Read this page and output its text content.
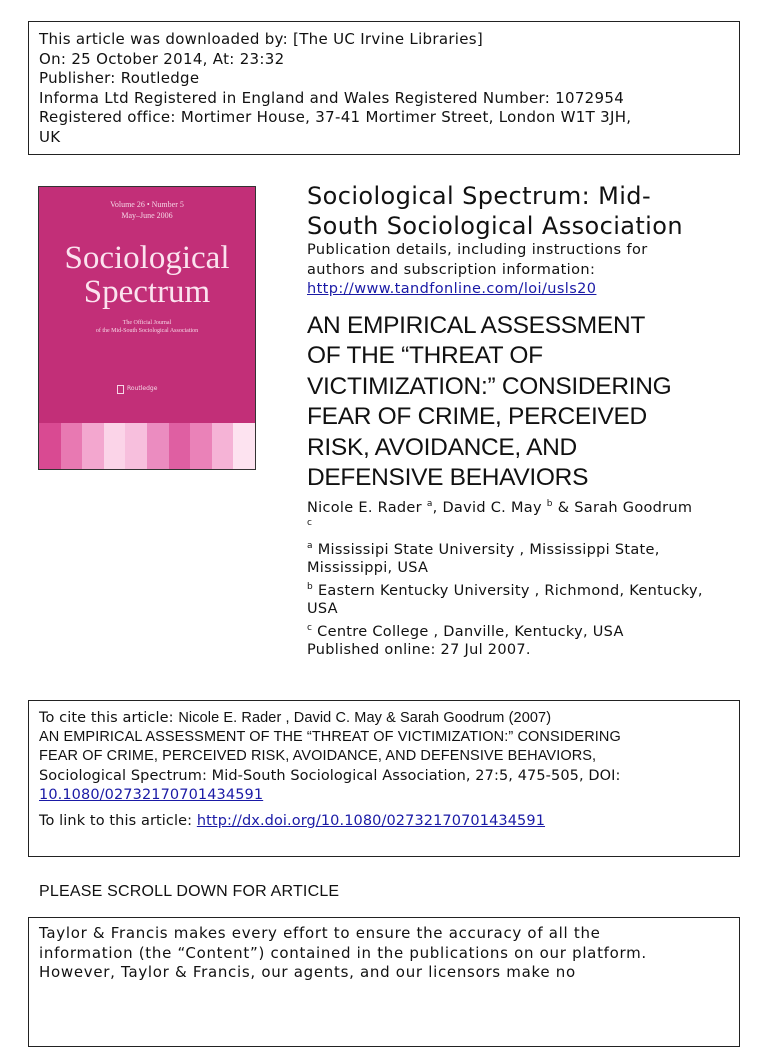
This article was downloaded by: [The UC Irvine Libraries]
On: 25 October 2014, At: 23:32
Publisher: Routledge
Informa Ltd Registered in England and Wales Registered Number: 1072954
Registered office: Mortimer House, 37-41 Mortimer Street, London W1T 3JH,
UK

Volume 26 • Number 5
May–June 2006
Sociological
Spectrum
The Official Journal
of the Mid-South Sociological Association
Routledge
Sociological Spectrum: Mid-
South Sociological Association
Publication details, including instructions for
authors and subscription information:
http://www.tandfonline.com/loi/usls20
AN EMPIRICAL ASSESSMENT
OF THE “THREAT OF
VICTIMIZATION:” CONSIDERING
FEAR OF CRIME, PERCEIVED
RISK, AVOIDANCE, AND
DEFENSIVE BEHAVIORS
Nicole E. Rader $^a$, David C. May $^b$ & Sarah Goodrum
$^c$
$^a$ Mississipi State University , Mississippi State,
Mississippi, USA
$^b$ Eastern Kentucky University , Richmond, Kentucky,
USA
$^c$ Centre College , Danville, Kentucky, USA
Published online: 27 Jul 2007.
To cite this article: Nicole E. Rader , David C. May & Sarah Goodrum (2007)
AN EMPIRICAL ASSESSMENT OF THE “THREAT OF VICTIMIZATION:” CONSIDERING
FEAR OF CRIME, PERCEIVED RISK, AVOIDANCE, AND DEFENSIVE BEHAVIORS,
Sociological Spectrum: Mid-South Sociological Association, 27:5, 475-505, DOI:
10.1080/02732170701434591
To link to this article: http://dx.doi.org/10.1080/02732170701434591
PLEASE SCROLL DOWN FOR ARTICLE
Taylor & Francis makes every effort to ensure the accuracy of all the
information (the “Content”) contained in the publications on our platform.
However, Taylor & Francis, our agents, and our licensors make no
